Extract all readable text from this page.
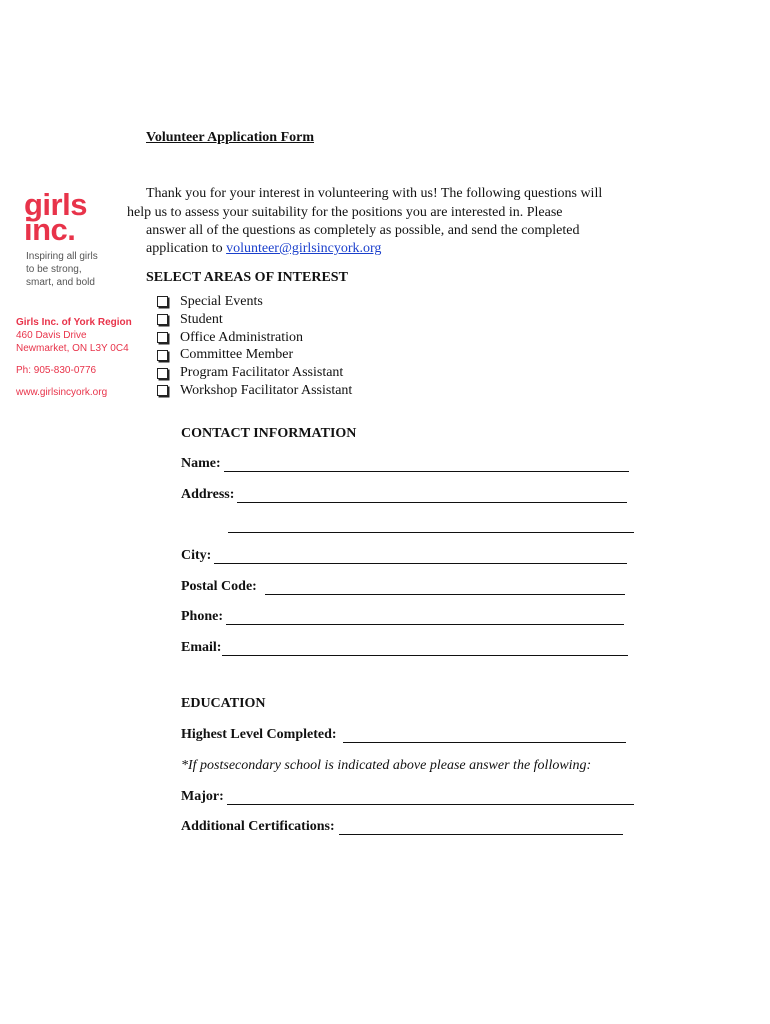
Volunteer Application Form
girls
inc.
Inspiring all girls
to be strong,
smart, and bold
Girls Inc. of York Region
460 Davis Drive
Newmarket, ON L3Y 0C4
Ph: 905-830-0776
www.girlsincyork.org
Thank you for your interest in volunteering with us! The following questions will
help us to assess your suitability for the positions you are interested in. Please
answer all of the questions as completely as possible, and send the completed
application to volunteer@girlsincyork.org
SELECT AREAS OF INTEREST
Special Events
Student
Office Administration
Committee Member
Program Facilitator Assistant
Workshop Facilitator Assistant
CONTACT INFORMATION
Name:
Address:
City:
Postal Code:
Phone:
Email:
EDUCATION
Highest Level Completed:
*If postsecondary school is indicated above please answer the following:
Major:
Additional Certifications:
